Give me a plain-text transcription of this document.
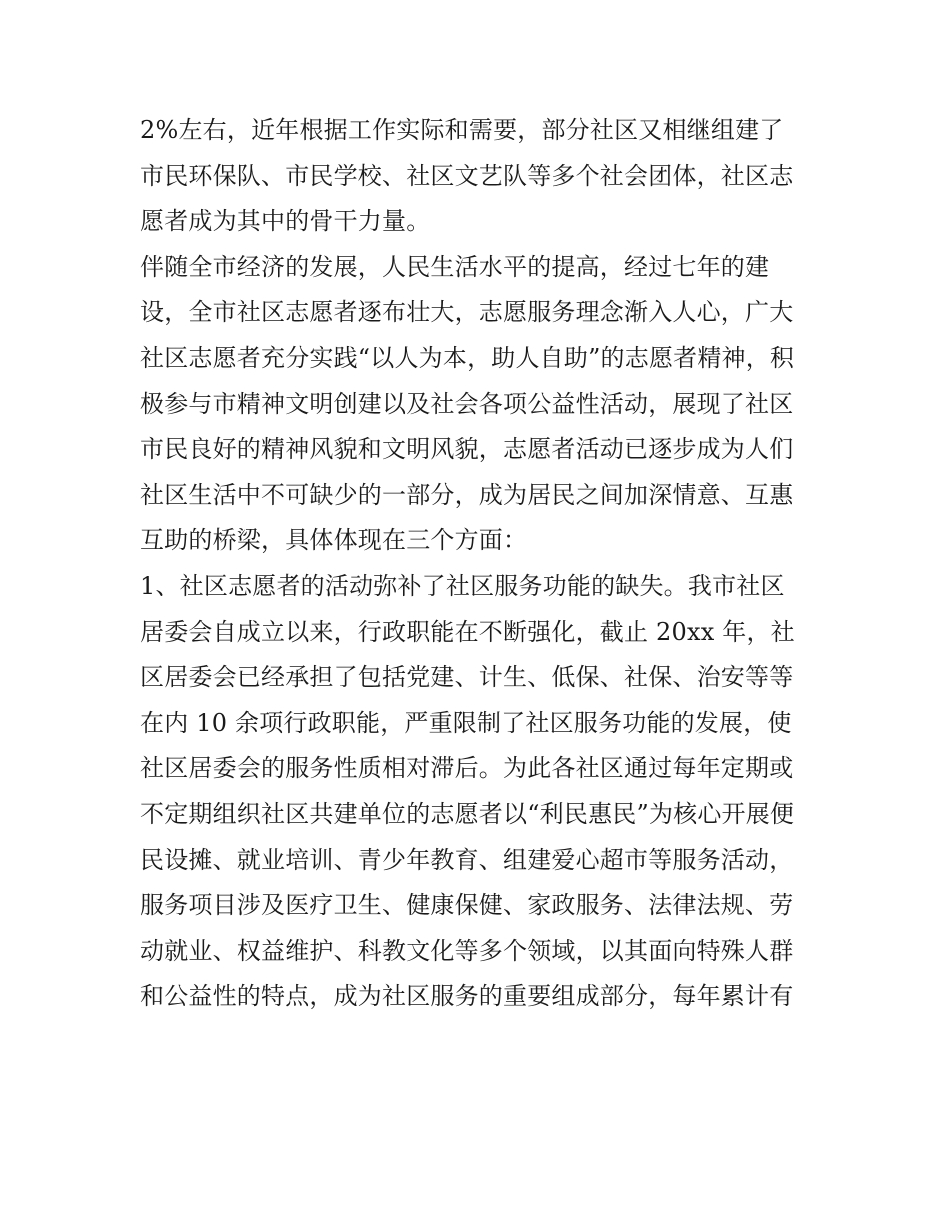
2%左右，近年根据工作实际和需要，部分社区又相继组建了
市民环保队、市民学校、社区文艺队等多个社会团体，社区志
愿者成为其中的骨干力量。
伴随全市经济的发展，人民生活水平的提高，经过七年的建
设，全市社区志愿者逐布壮大，志愿服务理念渐入人心，广大
社区志愿者充分实践“以人为本，助人自助”的志愿者精神，积
极参与市精神文明创建以及社会各项公益性活动，展现了社区
市民良好的精神风貌和文明风貌，志愿者活动已逐步成为人们
社区生活中不可缺少的一部分，成为居民之间加深情意、互惠
互助的桥梁，具体体现在三个方面：
1、社区志愿者的活动弥补了社区服务功能的缺失。我市社区
居委会自成立以来，行政职能在不断强化，截止 20xx 年，社
区居委会已经承担了包括党建、计生、低保、社保、治安等等
在内 10 余项行政职能，严重限制了社区服务功能的发展，使
社区居委会的服务性质相对滞后。为此各社区通过每年定期或
不定期组织社区共建单位的志愿者以“利民惠民”为核心开展便
民设摊、就业培训、青少年教育、组建爱心超市等服务活动，
服务项目涉及医疗卫生、健康保健、家政服务、法律法规、劳
动就业、权益维护、科教文化等多个领域，以其面向特殊人群
和公益性的特点，成为社区服务的重要组成部分，每年累计有
